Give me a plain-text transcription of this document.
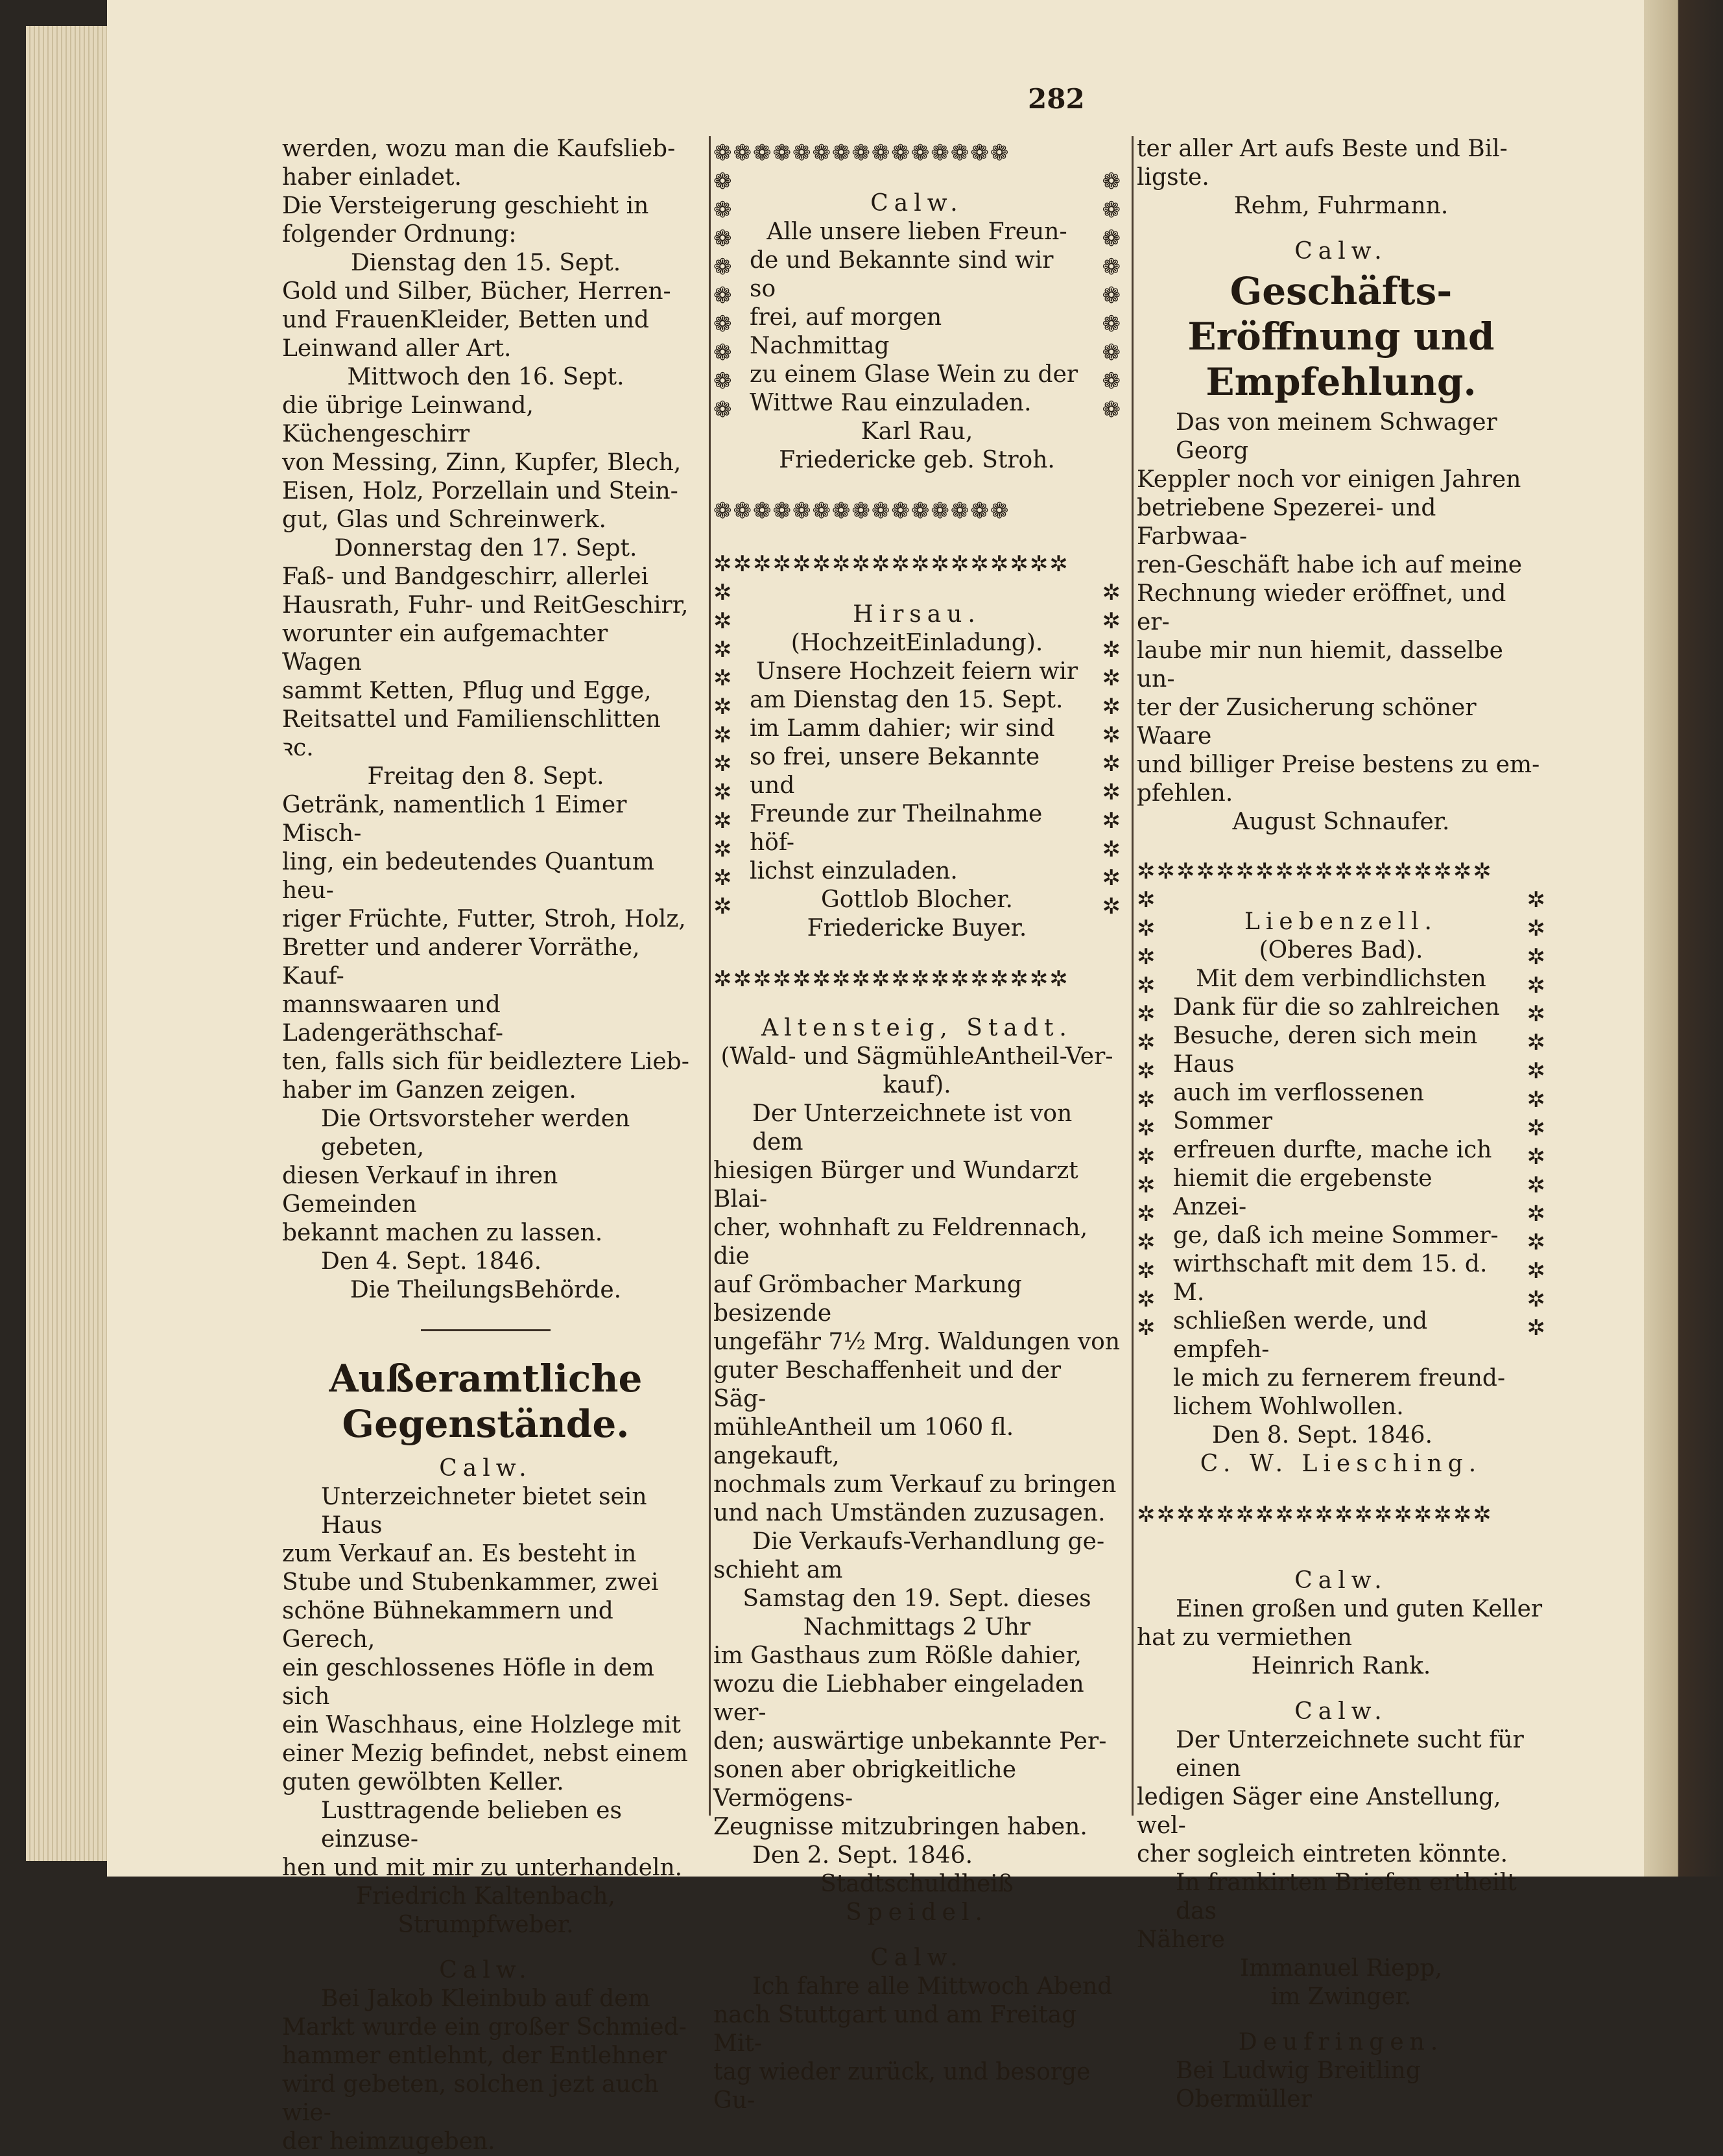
282

werden, wozu man die Kaufslieb-

haber einladet.

Die Versteigerung geschieht in

folgender Ordnung:

Dienstag den 15. Sept.

Gold und Silber, Bücher, Herren-

und FrauenKleider, Betten und

Leinwand aller Art.

Mittwoch den 16. Sept.

die übrige Leinwand, Küchengeschirr

von Messing, Zinn, Kupfer, Blech,

Eisen, Holz, Porzellain und Stein-

gut, Glas und Schreinwerk.

Donnerstag den 17. Sept.

Faß- und Bandgeschirr, allerlei

Hausrath, Fuhr- und ReitGeschirr,

worunter ein aufgemachter Wagen

sammt Ketten, Pflug und Egge,

Reitsattel und Familienschlitten ꝛc.

Freitag den 8. Sept.

Getränk, namentlich 1 Eimer Misch-

ling, ein bedeutendes Quantum heu-

riger Früchte, Futter, Stroh, Holz,

Bretter und anderer Vorräthe, Kauf-

mannswaaren und Ladengeräthschaf-

ten, falls sich für beidleztere Lieb-

haber im Ganzen zeigen.

Die Ortsvorsteher werden gebeten,

diesen Verkauf in ihren Gemeinden

bekannt machen zu lassen.

Den 4. Sept. 1846.

Die TheilungsBehörde.

Außeramtliche Gegenstände.

Calw.

Unterzeichneter bietet sein Haus

zum Verkauf an. Es besteht in

Stube und Stubenkammer, zwei

schöne Bühnekammern und Gerech,

ein geschlossenes Höfle in dem sich

ein Waschhaus, eine Holzlege mit

einer Mezig befindet, nebst einem

guten gewölbten Keller.

Lusttragende belieben es einzuse-

hen und mit mir zu unterhandeln.

Friedrich Kaltenbach,

Strumpfweber.

Calw.

Bei Jakob Kleinbub auf dem

Markt wurde ein großer Schmied-

hammer entlehnt, der Entlehner

wird gebeten, solchen jezt auch wie-

der heimzugeben.

❁❁❁❁❁❁❁❁❁❁❁❁❁❁❁
❁
❁
❁
❁
❁
❁
❁
❁
❁
❁
❁
❁
❁
❁
❁
❁
❁
❁

Calw.

Alle unsere lieben Freun-

de und Bekannte sind wir so

frei, auf morgen Nachmittag

zu einem Glase Wein zu der

Wittwe Rau einzuladen.

Karl Rau,

Friedericke geb. Stroh.

❁❁❁❁❁❁❁❁❁❁❁❁❁❁❁
✲✲✲✲✲✲✲✲✲✲✲✲✲✲✲✲✲✲
✲
✲
✲
✲
✲
✲
✲
✲
✲
✲
✲
✲
✲
✲
✲
✲
✲
✲
✲
✲
✲
✲
✲
✲

Hirsau.

(HochzeitEinladung).

Unsere Hochzeit feiern wir

am Dienstag den 15. Sept.

im Lamm dahier; wir sind

so frei, unsere Bekannte und

Freunde zur Theilnahme höf-

lichst einzuladen.

Gottlob Blocher.

Friedericke Buyer.

✲✲✲✲✲✲✲✲✲✲✲✲✲✲✲✲✲✲

Altensteig, Stadt.

(Wald- und SägmühleAntheil-Ver-

kauf).

Der Unterzeichnete ist von dem

hiesigen Bürger und Wundarzt Blai-

cher, wohnhaft zu Feldrennach, die

auf Grömbacher Markung besizende

ungefähr 7½ Mrg. Waldungen von

guter Beschaffenheit und der Säg-

mühleAntheil um 1060 fl. angekauft,

nochmals zum Verkauf zu bringen

und nach Umständen zuzusagen.

Die Verkaufs-Verhandlung ge-

schieht am

Samstag den 19. Sept. dieses

Nachmittags 2 Uhr

im Gasthaus zum Rößle dahier,

wozu die Liebhaber eingeladen wer-

den; auswärtige unbekannte Per-

sonen aber obrigkeitliche Vermögens-

Zeugnisse mitzubringen haben.

Den 2. Sept. 1846.

Stadtschuldheiß

Speidel.

Calw.

Ich fahre alle Mittwoch Abend

nach Stuttgart und am Freitag Mit-

tag wieder zurück, und besorge Gu-

ter aller Art aufs Beste und Bil-

ligste.

Rehm, Fuhrmann.

Calw.

Geschäfts-Eröffnung und
Empfehlung.

Das von meinem Schwager Georg

Keppler noch vor einigen Jahren

betriebene Spezerei- und Farbwaa-

ren-Geschäft habe ich auf meine

Rechnung wieder eröffnet, und er-

laube mir nun hiemit, dasselbe un-

ter der Zusicherung schöner Waare

und billiger Preise bestens zu em-

pfehlen.

August Schnaufer.

✲✲✲✲✲✲✲✲✲✲✲✲✲✲✲✲✲✲
✲
✲
✲
✲
✲
✲
✲
✲
✲
✲
✲
✲
✲
✲
✲
✲
✲
✲
✲
✲
✲
✲
✲
✲
✲
✲
✲
✲
✲
✲
✲
✲

Liebenzell.

(Oberes Bad).

Mit dem verbindlichsten

Dank für die so zahlreichen

Besuche, deren sich mein Haus

auch im verflossenen Sommer

erfreuen durfte, mache ich

hiemit die ergebenste Anzei-

ge, daß ich meine Sommer-

wirthschaft mit dem 15. d. M.

schließen werde, und empfeh-

le mich zu fernerem freund-

lichem Wohlwollen.

Den 8. Sept. 1846.

C. W. Liesching.

✲✲✲✲✲✲✲✲✲✲✲✲✲✲✲✲✲✲

Calw.

Einen großen und guten Keller

hat zu vermiethen

Heinrich Rank.

Calw.

Der Unterzeichnete sucht für einen

ledigen Säger eine Anstellung, wel-

cher sogleich eintreten könnte.

In frankirten Briefen ertheilt das

Nähere

Immanuel Riepp,

im Zwinger.

Deufringen.

Bei Ludwig Breitling Obermüller
